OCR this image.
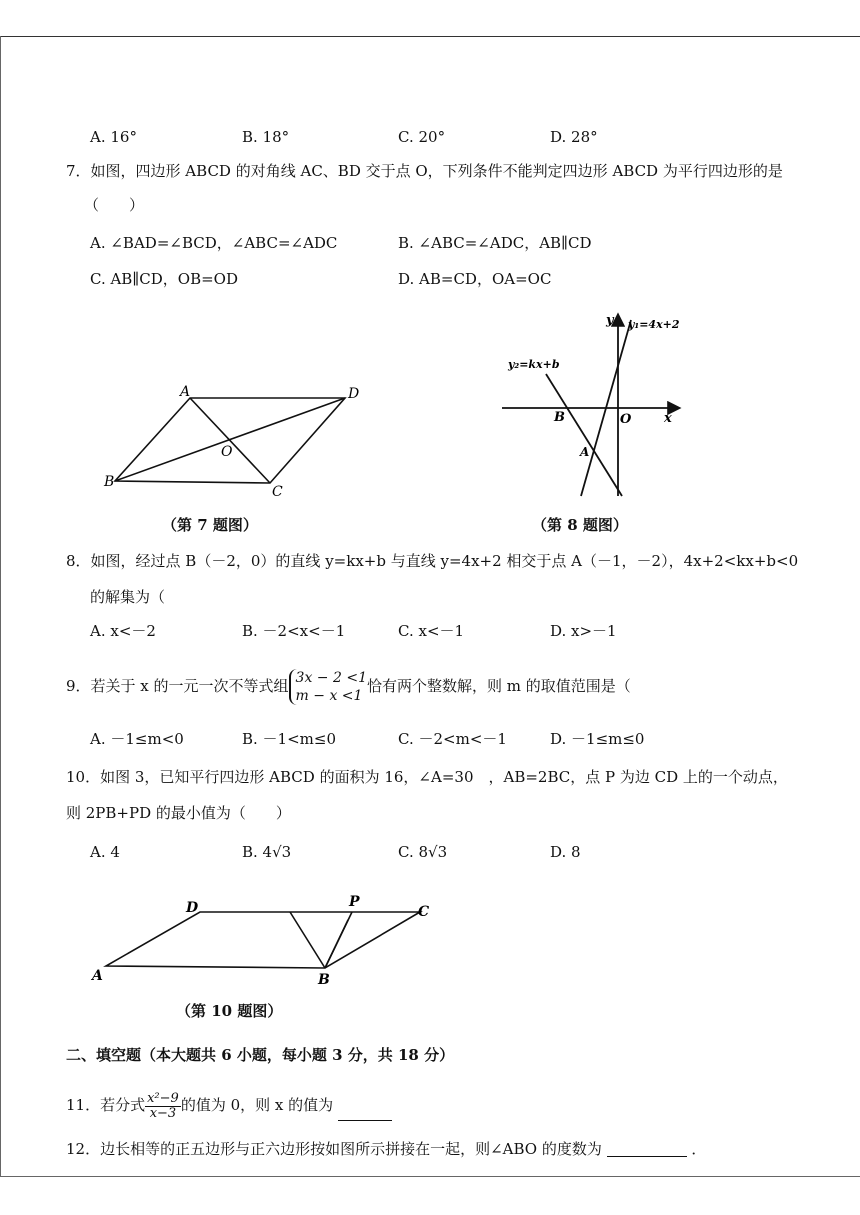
A. 16°	B. 18°	C. 20°	D. 28°
7．如图，四边形 ABCD 的对角线 AC、BD 交于点 O，下列条件不能判定四边形 ABCD 为平行四边形的是
（　　）
A. ∠BAD=∠BCD，∠ABC=∠ADC	B. ∠ABC=∠ADC，AB∥CD
C. AB∥CD，OB=OD	D. AB=CD，OA=OC
A	D
O
B
C
（第 7 题图）
y
x
O
B
A
y₁=4x+2
y₂=kx+b
（第 8 题图）
8．如图，经过点 B（－2，0）的直线 y=kx+b 与直线 y=4x+2 相交于点 A（－1，－2），4x+2<kx+b<0
的解集为（
A. x<－2	B. －2<x<－1	C. x<－1	D. x>－1
9．若关于 x 的一元一次不等式组 3x − 2 <1
m − x <1
恰有两个整数解，则 m 的取值范围是（
A. －1≤m<0	B. －1<m≤0	C. －2<m<－1	D. －1≤m≤0
10．如图 3，已知平行四边形 ABCD 的面积为 16，∠A=30　，AB=2BC，点 P 为边 CD 上的一个动点，
则 2PB+PD 的最小值为（　　）
A. 4	B. 4√3	C. 8√3	D. 8
D	P
C
A	B
（第 10 题图）
二、填空题（本大题共 6 小题，每小题 3 分，共 18 分）
11．若分式 $\frac{\text{x²−9}}{x-3}$ 的值为 0，则 x 的值为
12．边长相等的正五边形与正六边形按如图所示拼接在一起，则∠ABO 的度数为	．
